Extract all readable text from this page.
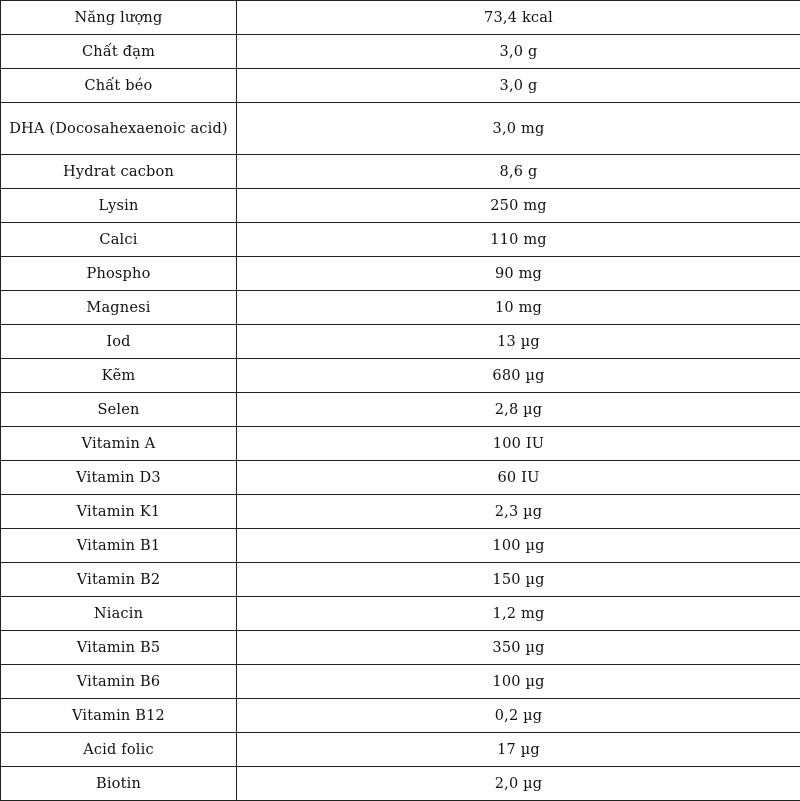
Năng lượng	73,4 kcal
Chất đạm	3,0 g
Chất béo	3,0 g
DHA (Docosahexaenoic acid)	3,0 mg
Hydrat cacbon	8,6 g
Lysin	250 mg
Calci	110 mg
Phospho	90 mg
Magnesi	10 mg
Iod	13 µg
Kẽm	680 µg
Selen	2,8 µg
Vitamin A	100 IU
Vitamin D3	60 IU
Vitamin K1	2,3 µg
Vitamin B1	100 µg
Vitamin B2	150 µg
Niacin	1,2 mg
Vitamin B5	350 µg
Vitamin B6	100 µg
Vitamin B12	0,2 µg
Acid folic	17 µg
Biotin	2,0 µg
